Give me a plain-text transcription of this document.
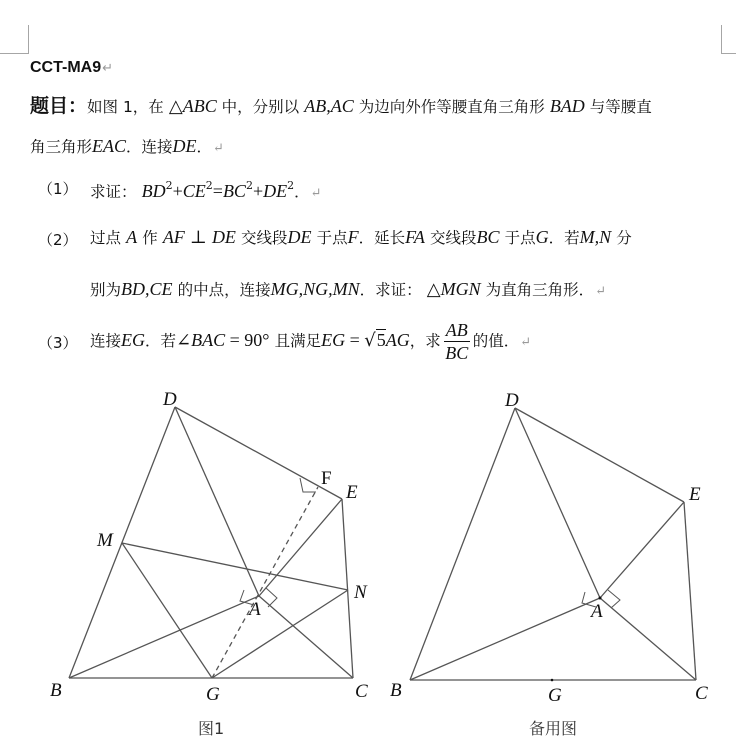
CCT-MA9↵
题目：如图 1，在 △ABC 中，分别以 AB,AC 为边向外作等腰直角三角形 BAD 与等腰直
角三角形EAC．连接DE．↵
（1） 求证： $BD^2+CE^2=BC^2+DE^2$．↵
（2） 过点 A 作 AF ⊥ DE 交线段DE 于点F．延长FA 交线段BC 于点G．若M,N 分
别为BD,CE 的中点，连接MG,NG,MN．求证： △MGN 为直角三角形．↵
（3） 连接EG．若∠BAC = 90° 且满足EG = √5AG，求 $\frac{AB}{BC}$ 的值．↵
D
F
E
M
N
A
B	G	C
图1
D
E
A
B	G	C
备用图
